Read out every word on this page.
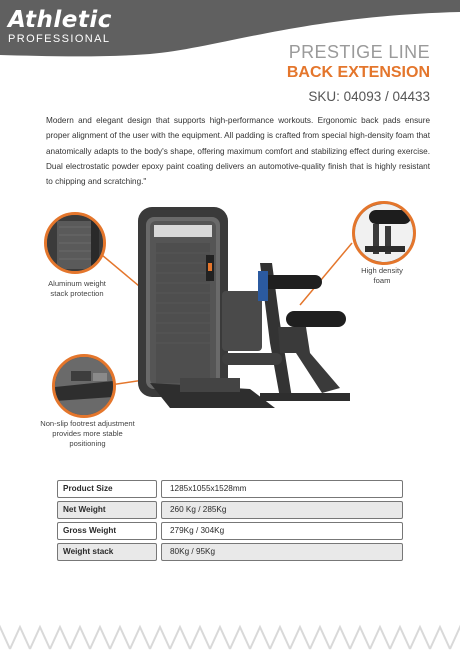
Athletic
PROFESSIONAL
PRESTIGE LINE
BACK EXTENSION
SKU: 04093 / 04433

Modern and elegant design that supports high-performance workouts. Ergonomic back pads ensure proper alignment of the user with the equipment. All padding is crafted from special high-density foam that anatomically adapts to the body's shape, offering maximum comfort and stabilizing effect during exercise. Dual electrostatic powder epoxy paint coating delivers an automotive-quality finish that is highly resistant to chipping and scratching."

Aluminum weight stack protection
High density foam
Non-slip footrest adjustment provides more stable positioning
Product Size	1285x1055x1528mm
Net Weight	260 Kg / 285Kg
Gross Weight	279Kg / 304Kg
Weight stack	80Kg / 95Kg
